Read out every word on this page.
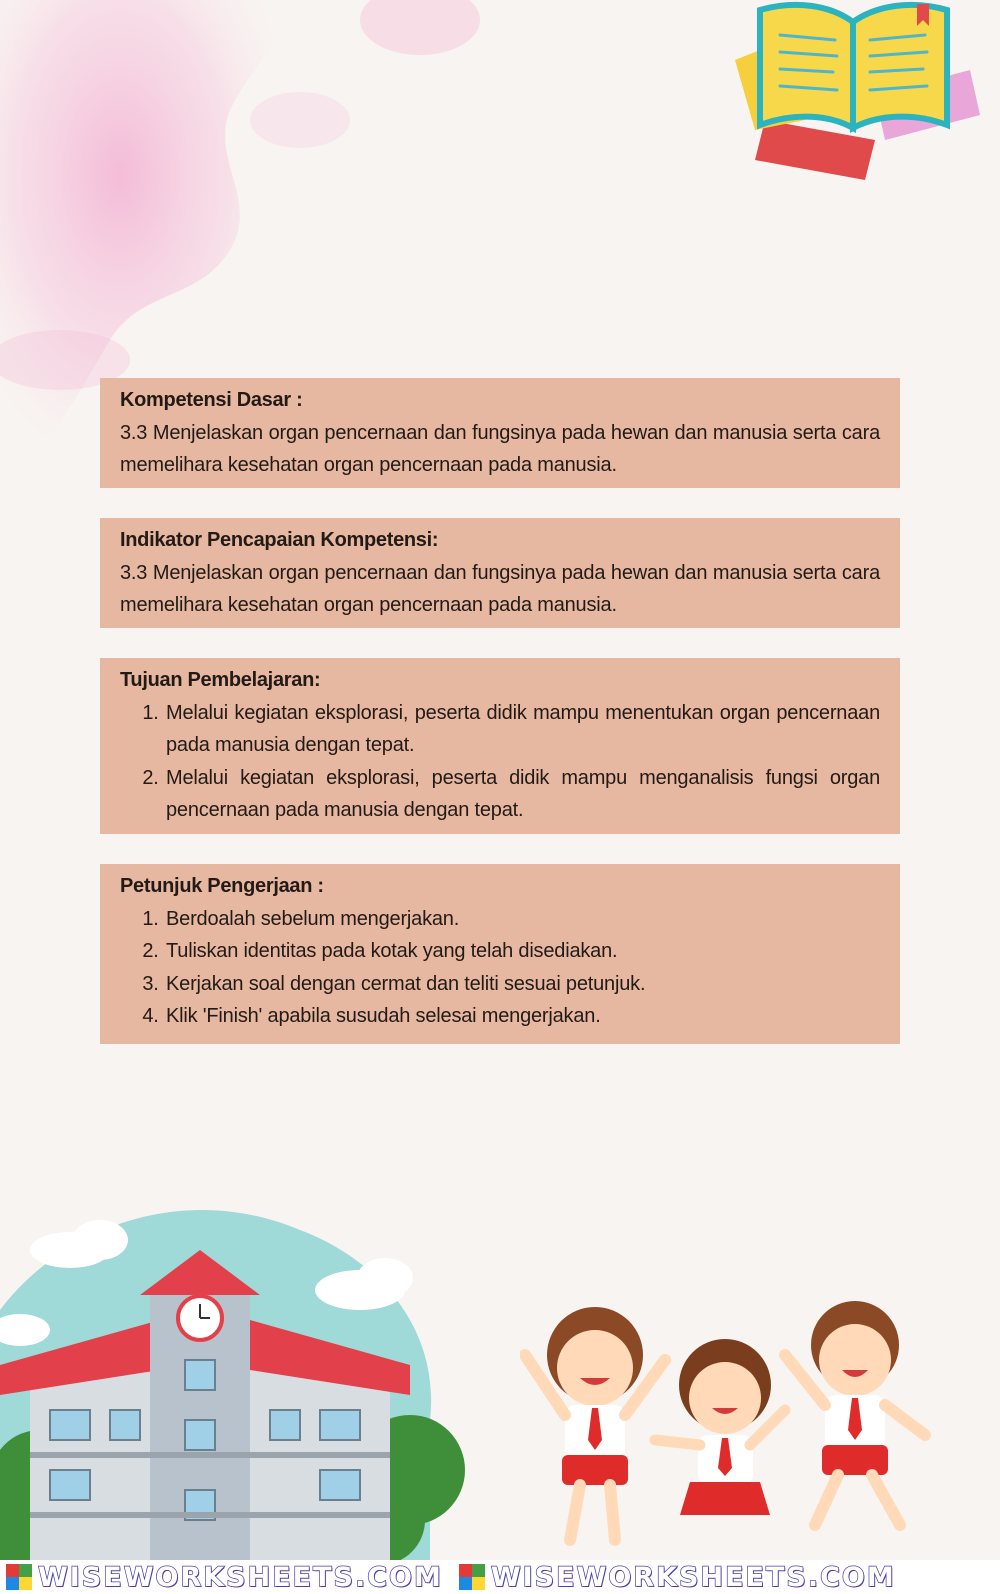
Kompetensi Dasar :
3.3 Menjelaskan organ pencernaan dan fungsinya pada hewan dan manusia serta cara memelihara kesehatan organ pencernaan pada manusia.
Indikator Pencapaian Kompetensi:
3.3 Menjelaskan organ pencernaan dan fungsinya pada hewan dan manusia serta cara memelihara kesehatan organ pencernaan pada manusia.
Tujuan Pembelajaran:
1. Melalui kegiatan eksplorasi, peserta didik mampu menentukan organ pencernaan pada manusia dengan tepat.
2. Melalui kegiatan eksplorasi, peserta didik mampu menganalisis fungsi organ pencernaan pada manusia dengan tepat.
Petunjuk Pengerjaan :
1. Berdoalah sebelum mengerjakan.
2. Tuliskan identitas pada kotak yang telah disediakan.
3. Kerjakan soal dengan cermat dan teliti sesuai petunjuk.
4. Klik 'Finish' apabila susudah selesai mengerjakan.
WISEWORKSHEETS.COM WISEWORKSHEETS.COM
